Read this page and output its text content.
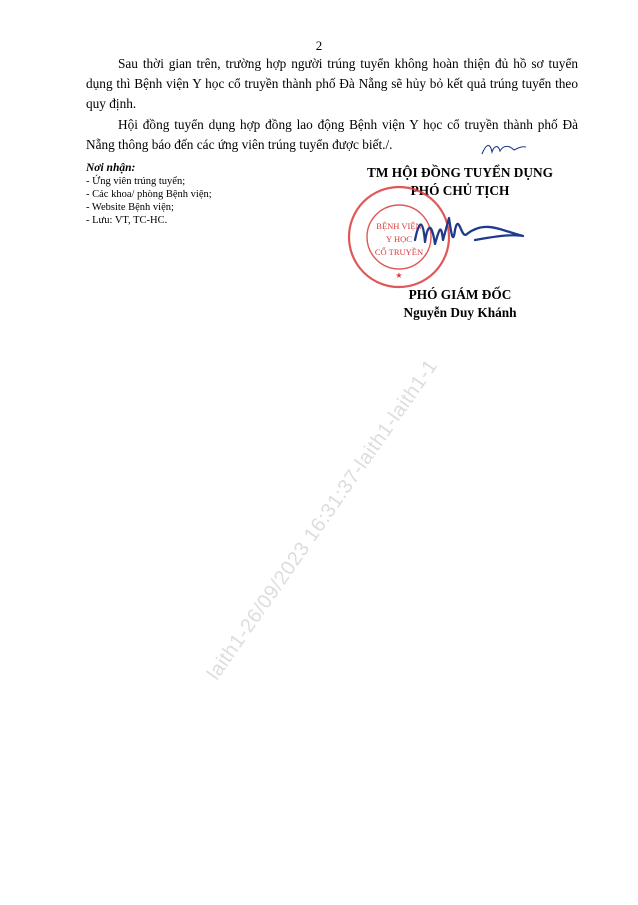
2

Sau thời gian trên, trường hợp người trúng tuyển không hoàn thiện đủ hồ sơ tuyển dụng thì Bệnh viện Y học cổ truyền thành phố Đà Nẵng sẽ hủy bỏ kết quả trúng tuyển theo quy định.

Hội đồng tuyển dụng hợp đồng lao động Bệnh viện Y học cổ truyền thành phố Đà Nẵng thông báo đến các ứng viên trúng tuyển được biết./.

Nơi nhận:
- Ứng viên trúng tuyển;
- Các khoa/ phòng Bệnh viện;
- Website Bệnh viện;
- Lưu: VT, TC-HC.
TM HỘI ĐỒNG TUYỂN DỤNG
PHÓ CHỦ TỊCH
BỆNH VIỆN
Y HỌC
CỔ TRUYỀN
★
PHÓ GIÁM ĐỐC
Nguyễn Duy Khánh
laith1-26/09/2023 16:31:37-laith1-laith1-1
